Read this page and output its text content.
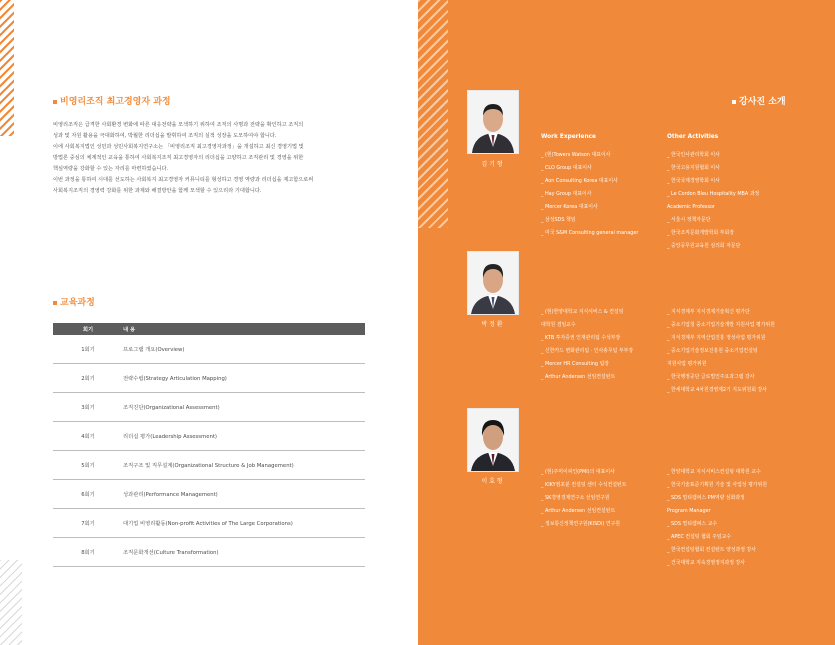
비영리조직 최고경영자 과정

비영리조직은 급격한 사회환경 변화에 따른 대응전략을 모색하기 위하여 조직의 사명과 전략을 확인하고 조직의

성과 및 자원 활용을 극대화하여, 박월한 리더십을 발휘하여 조직의 실적 성장을 도모하여야 합니다.

이에 사회복지법인 성민과 성민사회복지연구소는 「비영리조직 최고경영자과정」을 개설하고 최신 경영기법 및

방법론 중심의 체계적인 교육을 통하여 사회복지조직 최고경영자의 리더십을 고양하고 조직관리 및 경영을 위한

핵심역량을 강화할 수 있는 자리를 마련하였습니다.

이번 과정을 통하여 시대를 선도하는 사회복지 최고경영자 커뮤니티를 형성하고 경영 역량과 리더십을 제고함으로써

사회복지조직의 경영력 강화를 위한 과제와 해결방안을 함께 모색할 수 있으리라 기대합니다.

교육과정
회기	내 용
1회기	프로그램 개요(Overview)
2회기	전략수립(Strategy Articulation Mapping)
3회기	조직진단(Organizational Assessment)
4회기	리더십 평가(Leadership Assessment)
5회기	조직구조 및 직무설계(Organizational Structure & Job Management)
6회기	성과관리(Performance Management)
7회기	대기업 비영리활동(Non-profit Activities of The Large Corporations)
8회기	조직문화개선(Culture Transformation)
강사진 소개
김 기 형
Work Experience	Other Activities
_ (현)Towers Watson 대표이사
_ CLO Group 대표이사
_ Aon Consulting Korea 대표이사
_ Hay Group 대표이사
_ Mercer Korea 대표이사
_ 삼성SDS 책임
_ 미국 S&M Consulting general manager
_ 한국인사관리학회 이사
_ 한국고용지원협회 이사
_ 한국국제경영학회 이사
_ Le Cordon Bleu Hospitality MBA 과정
Academic Professor
_ 서울시 정책자문단
_ 한국조직문화개발학회 부회장
_ 중앙공무원교육원 심의회 자문단
박 정 환
_ (현)한양대학교 지식서비스 & 컨설팅
대학원 겸임교수
_ KTB 투자증권 인재관리팀 수석부장
_ 신한카드 변화관리팀 · 인사총무팀 부부장
_ Mercer HR Consulting 팀장
_ Arthur Andersen 선임컨설턴트
_ 지식경제부 지식경제기술혁신 평가단
_ 중소기업청 중소기업기술개발 지원사업 평가위원
_ 지식경제부 지역산업진흥 정성사업 평가위원
_ 중소기업기술정보진흥원 중소기업컨설팅
지원사업 평가위원
_ 한국행정공단 글로벌인주요과그램 강사
_ 한세대학교 4차원경영제2기 지도위원회 강사
이 효 형
_ (현)주미이피인(PMI)의 대표이사
_ KIKY컴포분 컨설팅 센터 수석컨설턴트
_ SK경영경제연구소 선임연구원
_ Arthur Andersen 선임컨설턴트
_ 정보통신정책연구원(KISDI) 연구원
_ 한양대학교 지식서비스컨설팅 대학원 교수
_ 한국기술표준기획원 기술 및 사업성 평가위원
_ SDS 멀티캠퍼스 PM역량 심화과정
Program Manager
_ SDS 멀티캠퍼스 교수
_ APEC 컨설팅 협회 주임교수
_ 한국컨설팅협회 컨설턴트 양성과정 강사
_ 건국대학교 지속경영정지과정 강사
